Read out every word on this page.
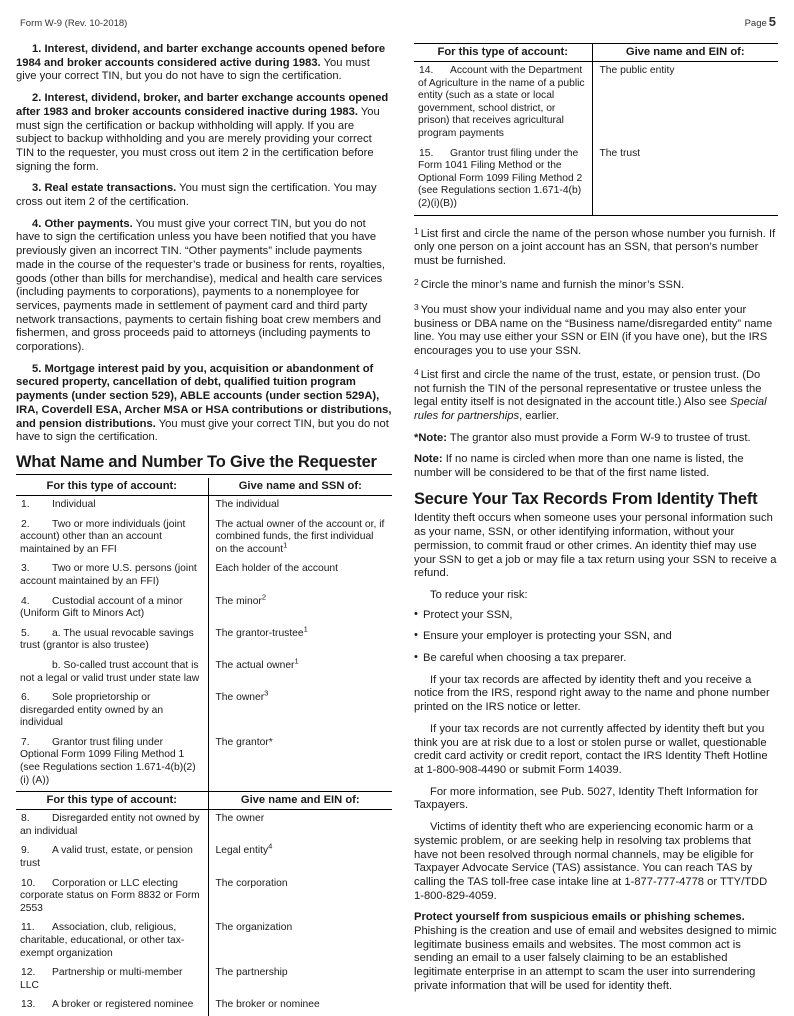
Form W-9 (Rev. 10-2018)	Page 5

1. Interest, dividend, and barter exchange accounts opened before 1984 and broker accounts considered active during 1983. You must give your correct TIN, but you do not have to sign the certification.

2. Interest, dividend, broker, and barter exchange accounts opened after 1983 and broker accounts considered inactive during 1983. You must sign the certification or backup withholding will apply. If you are subject to backup withholding and you are merely providing your correct TIN to the requester, you must cross out item 2 in the certification before signing the form.

3. Real estate transactions. You must sign the certification. You may cross out item 2 of the certification.

4. Other payments. You must give your correct TIN, but you do not have to sign the certification unless you have been notified that you have previously given an incorrect TIN. “Other payments” include payments made in the course of the requester’s trade or business for rents, royalties, goods (other than bills for merchandise), medical and health care services (including payments to corporations), payments to a nonemployee for services, payments made in settlement of payment card and third party network transactions, payments to certain fishing boat crew members and fishermen, and gross proceeds paid to attorneys (including payments to corporations).

5. Mortgage interest paid by you, acquisition or abandonment of secured property, cancellation of debt, qualified tuition program payments (under section 529), ABLE accounts (under section 529A), IRA, Coverdell ESA, Archer MSA or HSA contributions or distributions, and pension distributions. You must give your correct TIN, but you do not have to sign the certification.

What Name and Number To Give the Requester
For this type of account:	Give name and SSN of:
1. Individual	The individual
2. Two or more individuals (joint account) other than an account maintained by an FFI	The actual owner of the account or, if combined funds, the first individual on the account$^1$
3. Two or more U.S. persons (joint account maintained by an FFI)	Each holder of the account
4. Custodial account of a minor (Uniform Gift to Minors Act)	The minor$^2$
5. a. The usual revocable savings trust (grantor is also trustee)	The grantor-trustee$^1$
b. So-called trust account that is not a legal or valid trust under state law	The actual owner$^1$
6. Sole proprietorship or disregarded entity owned by an individual	The owner$^3$
7. Grantor trust filing under Optional Form 1099 Filing Method 1 (see Regulations section 1.671-4(b)(2)(i) (A))	The grantor*
For this type of account:	Give name and EIN of:
8. Disregarded entity not owned by an individual	The owner
9. A valid trust, estate, or pension trust	Legal entity$^4$
10. Corporation or LLC electing corporate status on Form 8832 or Form 2553	The corporation
11. Association, club, religious, charitable, educational, or other tax-exempt organization	The organization
12. Partnership or multi-member LLC	The partnership
13. A broker or registered nominee	The broker or nominee
For this type of account:	Give name and EIN of:
14. Account with the Department of Agriculture in the name of a public entity (such as a state or local government, school district, or prison) that receives agricultural program payments	The public entity
15. Grantor trust filing under the Form 1041 Filing Method or the Optional Form 1099 Filing Method 2 (see Regulations section 1.671-4(b)(2)(i)(B))	The trust

$^1$ List first and circle the name of the person whose number you furnish. If only one person on a joint account has an SSN, that person’s number must be furnished.

$^2$ Circle the minor’s name and furnish the minor’s SSN.

$^3$ You must show your individual name and you may also enter your business or DBA name on the “Business name/disregarded entity” name line. You may use either your SSN or EIN (if you have one), but the IRS encourages you to use your SSN.

$^4$ List first and circle the name of the trust, estate, or pension trust. (Do not furnish the TIN of the personal representative or trustee unless the legal entity itself is not designated in the account title.) Also see Special rules for partnerships, earlier.

*Note: The grantor also must provide a Form W-9 to trustee of trust.

Note: If no name is circled when more than one name is listed, the number will be considered to be that of the first name listed.

Secure Your Tax Records From Identity Theft

Identity theft occurs when someone uses your personal information such as your name, SSN, or other identifying information, without your permission, to commit fraud or other crimes. An identity thief may use your SSN to get a job or may file a tax return using your SSN to receive a refund.

To reduce your risk:

• Protect your SSN,
• Ensure your employer is protecting your SSN, and
• Be careful when choosing a tax preparer.

If your tax records are affected by identity theft and you receive a notice from the IRS, respond right away to the name and phone number printed on the IRS notice or letter.

If your tax records are not currently affected by identity theft but you think you are at risk due to a lost or stolen purse or wallet, questionable credit card activity or credit report, contact the IRS Identity Theft Hotline at 1-800-908-4490 or submit Form 14039.

For more information, see Pub. 5027, Identity Theft Information for Taxpayers.

Victims of identity theft who are experiencing economic harm or a systemic problem, or are seeking help in resolving tax problems that have not been resolved through normal channels, may be eligible for Taxpayer Advocate Service (TAS) assistance. You can reach TAS by calling the TAS toll-free case intake line at 1-877-777-4778 or TTY/TDD 1-800-829-4059.

Protect yourself from suspicious emails or phishing schemes. Phishing is the creation and use of email and websites designed to mimic legitimate business emails and websites. The most common act is sending an email to a user falsely claiming to be an established legitimate enterprise in an attempt to scam the user into surrendering private information that will be used for identity theft.
